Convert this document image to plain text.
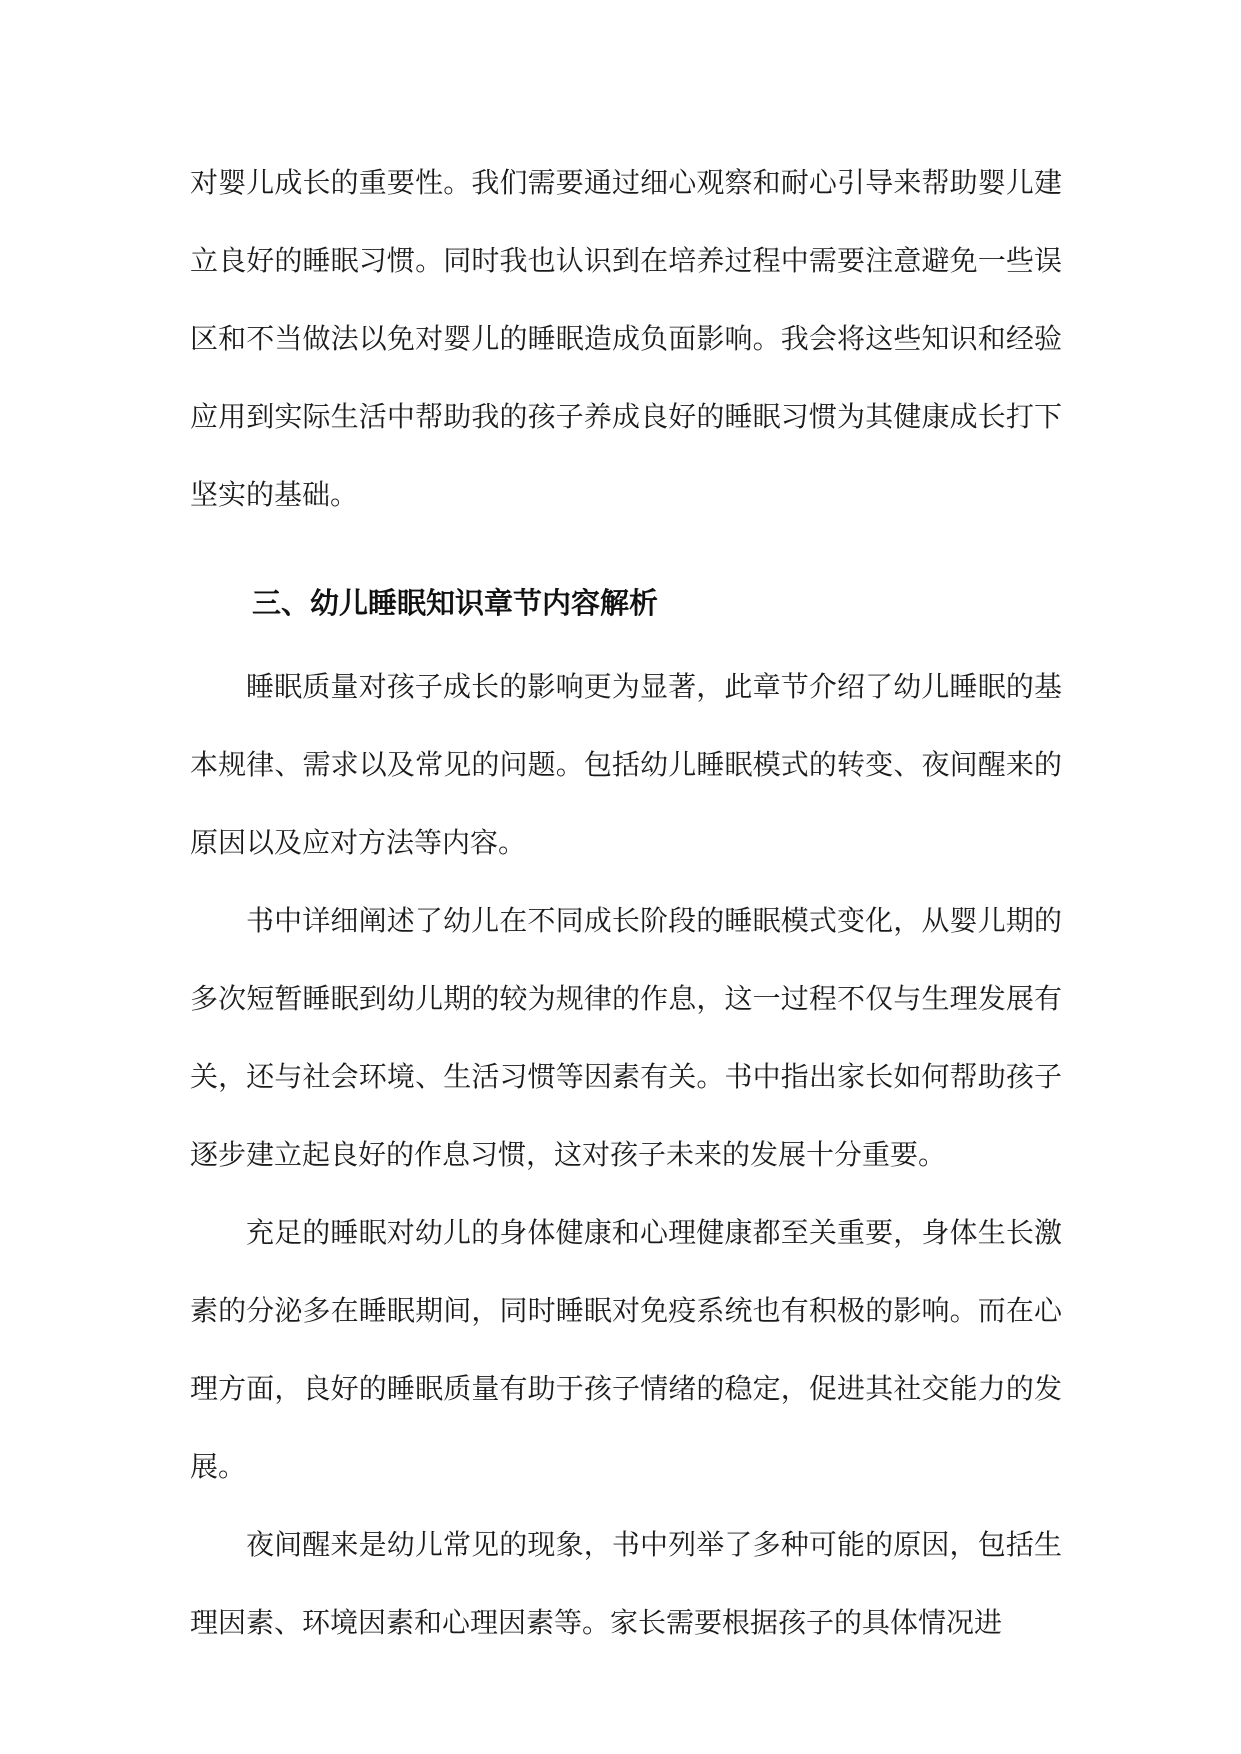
对婴儿成长的重要性。我们需要通过细心观察和耐心引导来帮助婴儿建立良好的睡眠习惯。同时我也认识到在培养过程中需要注意避免一些误区和不当做法以免对婴儿的睡眠造成负面影响。我会将这些知识和经验应用到实际生活中帮助我的孩子养成良好的睡眠习惯为其健康成长打下坚实的基础。

三、幼儿睡眠知识章节内容解析

睡眠质量对孩子成长的影响更为显著，此章节介绍了幼儿睡眠的基本规律、需求以及常见的问题。包括幼儿睡眠模式的转变、夜间醒来的原因以及应对方法等内容。

书中详细阐述了幼儿在不同成长阶段的睡眠模式变化，从婴儿期的多次短暂睡眠到幼儿期的较为规律的作息，这一过程不仅与生理发展有关，还与社会环境、生活习惯等因素有关。书中指出家长如何帮助孩子逐步建立起良好的作息习惯，这对孩子未来的发展十分重要。

充足的睡眠对幼儿的身体健康和心理健康都至关重要，身体生长激素的分泌多在睡眠期间，同时睡眠对免疫系统也有积极的影响。而在心理方面，良好的睡眠质量有助于孩子情绪的稳定，促进其社交能力的发展。

夜间醒来是幼儿常见的现象，书中列举了多种可能的原因，包括生理因素、环境因素和心理因素等。家长需要根据孩子的具体情况进
